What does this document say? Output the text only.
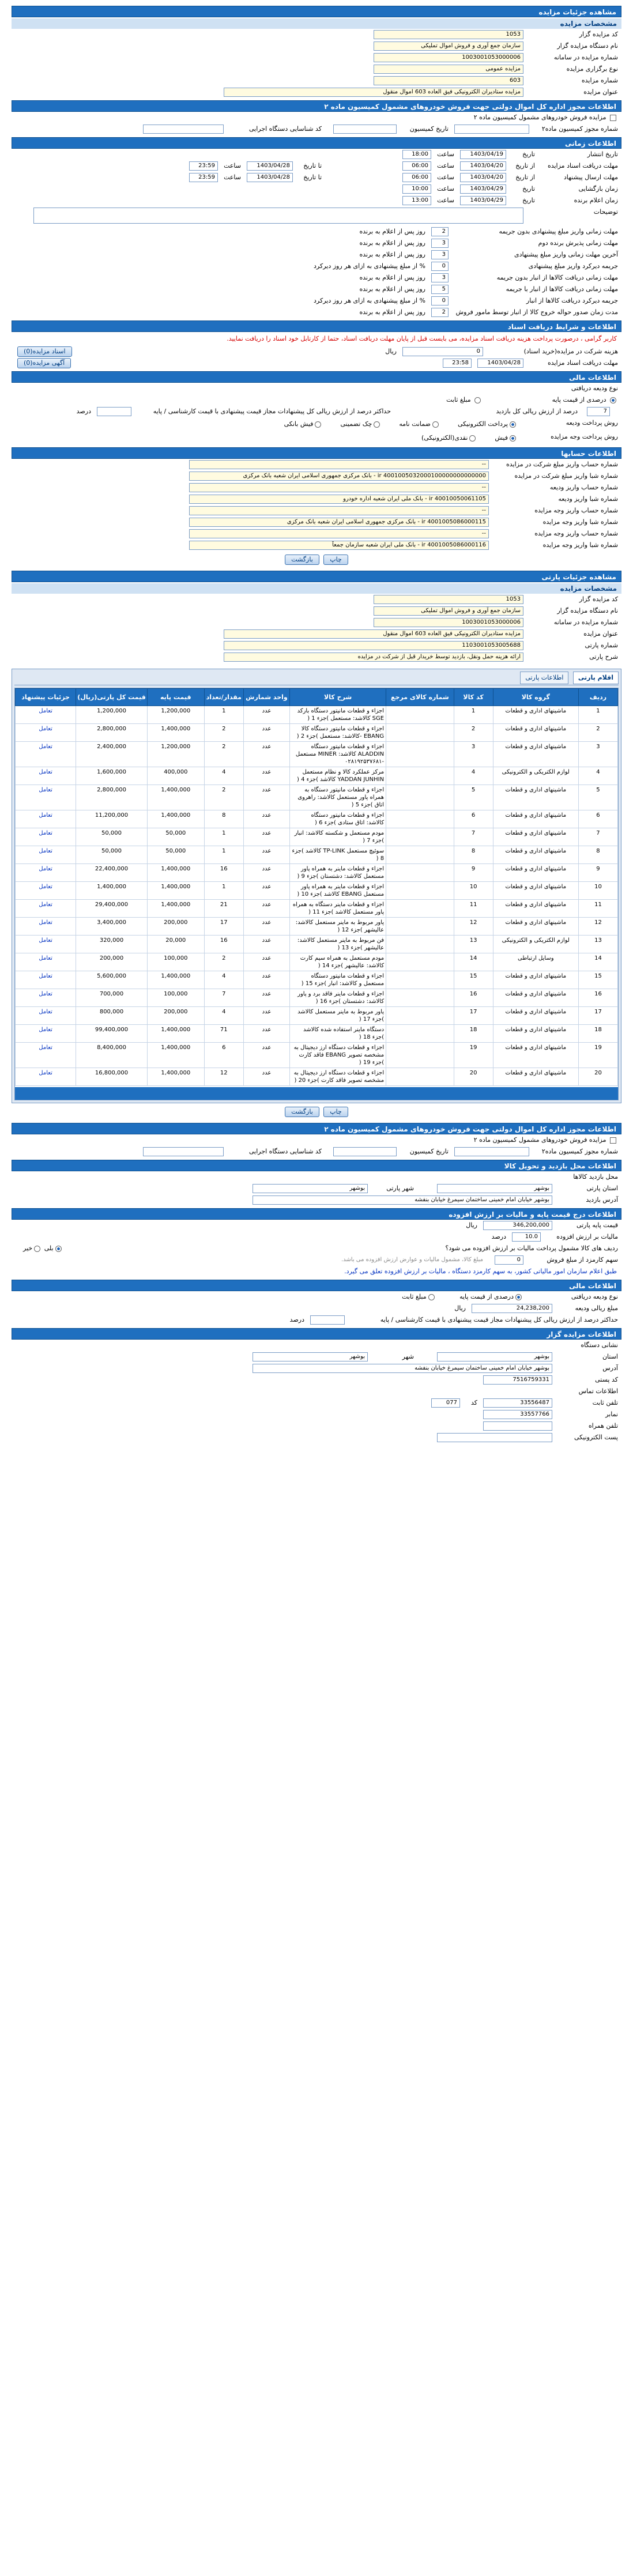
مشاهده جزئیات مزایده
مشخصات مزایده
کد مزایده گزار
1053
نام دستگاه مزایده گزار
سازمان جمع آوری و فروش اموال تملیکی
شماره مزایده در سامانه
1003001053000006
نوع برگزاری مزایده
مزایده عمومی
شماره مزایده
603
عنوان مزایده
مزایده ستادیران الکترونیکی فیق العاده 603 اموال منقول
اطلاعات مجوز اداره کل اموال دولتی جهت فروش خودروهای مشمول کمیسیون ماده ۲
مزایده فروش خودروهای مشمول کمیسیون ماده ۲
شماره مجوز کمیسیون ماده۲
تاریخ کمیسیون
کد شناسایی دستگاه اجرایی
اطلاعات زمانی
تاریخ انتشار
تاریخ
1403/04/19
ساعت
18:00
مهلت دریافت اسناد مزایده
از تاریخ
1403/04/20
ساعت
06:00
تا تاریخ
1403/04/28
ساعت
23:59
مهلت ارسال پیشنهاد
از تاریخ
1403/04/20
ساعت
06:00
تا تاریخ
1403/04/28
ساعت
23:59
زمان بازگشایی
تاریخ
1403/04/29
ساعت
10:00
زمان اعلام برنده
تاریخ
1403/04/29
ساعت
13:00
توضیحات
مهلت زمانی واریز مبلغ پیشنهادی بدون جریمه
2
روز پس از اعلام به برنده
مهلت زمانی پذیرش برنده دوم
3
روز پس از اعلام به برنده
آخرین مهلت زمانی واریز مبلغ پیشنهادی
3
روز پس از اعلام به برنده
جریمه دیرکرد واریز مبلغ پیشنهادی
0
% از مبلغ پیشنهادی به ازای هر روز دیرکرد
مهلت زمانی دریافت کالاها از انبار بدون جریمه
3
روز پس از اعلام به برنده
مهلت زمانی دریافت کالاها از انبار با جریمه
5
روز پس از اعلام به برنده
جریمه دیرکرد دریافت کالاها از انبار
0
% از مبلغ پیشنهادی به ازای هر روز دیرکرد
مدت زمان صدور حواله خروج کالا از انبار توسط مامور فروش
2
روز پس از اعلام به برنده
اطلاعات و شرایط دریافت اسناد
کاربر گرامی ، درصورت پرداخت هزینه دریافت اسناد مزایده، می بایست قبل از پایان مهلت دریافت اسناد، حتما از کارتابل خود اسناد را دریافت نمایید.
هزینه شرکت در مزایده(خرید اسناد)
0
ریال
اسناد مزایده(0)
مهلت دریافت اسناد مزایده
1403/04/28
23:58
آگهی مزایده(0)
اطلاعات مالی
نوع ودیعه دریافتی
درصدی از قیمت پایه  مبلغ ثابت
7
درصد از ارزش ریالی کل بازدید
حداکثر درصد از ارزش ریالی کل پیشنهادات مجاز قیمت پیشنهادی با قیمت کارشناسی / پایه
درصد
روش پرداخت ودیعه
پرداخت الکترونیکیضمانت نامهچک تضمینیفیش بانکی
روش پرداخت وجه مزایده
فیشنقدی(الکترونیکی)
اطلاعات حسابها
شماره حساب واریز مبلغ شرکت در مزایده
--
شماره شبا واریز مبلغ شرکت در مزایده
ir 4001005032000100000000000000 - بانک مرکزی جمهوری اسلامی ایران شعبه بانک مرکزی
شماره حساب واریز ودیعه
--
شماره شبا واریز ودیعه
ir 40010050061105 - بانک ملی ایران شعبه اداره خودرو
شماره حساب واریز وجه مزایده
--
شماره شبا واریز وجه مزایده
ir 4001005086000115 - بانک مرکزی جمهوری اسلامی ایران شعبه بانک مرکزی
شماره حساب واریز وجه مزایده
--
شماره شبا واریز وجه مزایده
ir 4001005086000116 - بانک ملی ایران شعبه سازمان جمعاً
چاپ بازگشت
مشاهده جزئیات پارتی
مشخصات مزایده
کد مزایده گزار
1053
نام دستگاه مزایده گزار
سازمان جمع آوری و فروش اموال تملیکی
شماره مزایده در سامانه
1003001053000006
عنوان مزایده
مزایده ستادیران الکترونیکی فیق العاده 603 اموال منقول
شماره پارتی
1103001053005688
شرح پارتی
ارائه هزینه حمل ونقل، بازدید توسط خریدار قبل از شرکت در مزایده
اقلام پارتی اطلاعات پارتی
ردیف	گروه کالا	کد کالا	شماره کالای مرجع	شرح کالا	واحد شمارش	مقدار/تعداد	قیمت پایه	قیمت کل پارتی(ریال)	جزئیات پیشنهاد
1	ماشینهای اداری و قطعات	1		اجزاء و قطعات مانیتور دستگاه بارکد SGE کالاشد: مستعمل )جزء 1 (	عدد	1	1,200,000	1,200,000	تعامل
2	ماشینهای اداری و قطعات	2		اجزاء و قطعات مانیتور دستگاه کالا EBANG -کالاشد: مستعمل )جزء 2 (	عدد	2	1,400,000	2,800,000	تعامل
3	ماشینهای اداری و قطعات	3		اجزاء و قطعات مانیتور دستگاه ALADDIN کالاشد: MINER مستعمل -۰۲۸۱۹۲۵۳۷۶۸۱	عدد	2	1,200,000	2,400,000	تعامل
4	لوازم الکتریکی و الکترونیکی	4		مرکز عملکرد کالا و نظام مستعمل YADDAN JUNHIN کالاشد )جزء 4 (	عدد	4	400,000	1,600,000	تعامل
5	ماشینهای اداری و قطعات	5		اجزاء و قطعات مانیتور دستگاه به همراه پاور مستعمل کالاشد: راهروی اتاق )جزء 5 (	عدد	2	1,400,000	2,800,000	تعامل
6	ماشینهای اداری و قطعات	6		اجزاء و قطعات مانیتور دستگاه کالاشد: اتاق ستادی )جزء 6 (	عدد	8	1,400,000	11,200,000	تعامل
7	ماشینهای اداری و قطعات	7		مودم مستعمل و شکسته کالاشد: انبار )جزء 7 (	عدد	1	50,000	50,000	تعامل
8	ماشینهای اداری و قطعات	8		سوئیچ مستعمل TP-LINK کالاشد )جزء 8 (	عدد	1	50,000	50,000	تعامل
9	ماشینهای اداری و قطعات	9		اجزاء و قطعات ماینر به همراه پاور مستعمل کالاشد: دشتستان )جزء 9 (	عدد	16	1,400,000	22,400,000	تعامل
10	ماشینهای اداری و قطعات	10		اجزاء و قطعات ماینر به همراه پاور مستعمل EBANG کالاشد )جزء 10 (	عدد	1	1,400,000	1,400,000	تعامل
11	ماشینهای اداری و قطعات	11		اجزاء و قطعات ماینر دستگاه به همراه پاور مستعمل کالاشد )جزء 11 (	عدد	21	1,400,000	29,400,000	تعامل
12	ماشینهای اداری و قطعات	12		پاور مربوط به ماینر مستعمل کالاشد: عالیشهر )جزء 12 (	عدد	17	200,000	3,400,000	تعامل
13	لوازم الکتریکی و الکترونیکی	13		فن مربوط به ماینر مستعمل کالاشد: عالیشهر )جزء 13 (	عدد	16	20,000	320,000	تعامل
14	وسایل ارتباطی	14		مودم مستعمل به همراه سیم کارت کالاشد: عالیشهر )جزء 14 (	عدد	2	100,000	200,000	تعامل
15	ماشینهای اداری و قطعات	15		اجزاء و قطعات مانیتور دستگاه مستعمل و کالاشد: انبار )جزء 15 (	عدد	4	1,400,000	5,600,000	تعامل
16	ماشینهای اداری و قطعات	16		اجزاء و قطعات ماینر فاقد برد و پاور کالاشد: دشتستان )جزء 16 (	عدد	7	100,000	700,000	تعامل
17	ماشینهای اداری و قطعات	17		پاور مربوط به ماینر مستعمل کالاشد )جزء 17 (	عدد	4	200,000	800,000	تعامل
18	ماشینهای اداری و قطعات	18		دستگاه ماینر استفاده شده کالاشد )جزء 18 (	عدد	71	1,400,000	99,400,000	تعامل
19	ماشینهای اداری و قطعات	19		اجزاء و قطعات دستگاه ارز دیجیتال به مشخصه تصویر EBANG فاقد کارت )جزء 19 (	عدد	6	1,400,000	8,400,000	تعامل
20	ماشینهای اداری و قطعات	20		اجزاء و قطعات دستگاه ارز دیجیتال به مشخصه تصویر فاقد کارت )جزء 20 (	عدد	12	1,400,000	16,800,000	تعامل
چاپ بازگشت
اطلاعات مجوز اداره کل اموال دولتی جهت فروش خودروهای مشمول کمیسیون ماده ۲
مزایده فروش خودروهای مشمول کمیسیون ماده ۲
شماره مجوز کمیسیون ماده۲
تاریخ کمیسیون
کد شناسایی دستگاه اجرایی
اطلاعات محل بازدید و تحویل کالا
محل بازدید کالاها
استان پارتی
بوشهر
شهر پارتی
بوشهر
آدرس بازدید
بوشهر خیابان امام خمینی ساختمان سیمرغ خیابان بنفشه
اطلاعات درج قیمت پایه و مالیات بر ارزش افزوده
قیمت پایه پارتی
346,200,000
ریال
مالیات بر ارزش افزوده
10.0
درصد
ردیف های کالا مشمول پرداخت مالیات بر ارزش افزوده می شود؟
بلی خیر
سهم کارمزد از مبلغ فروش
0
مبلغ کالا، مشمول مالیات و عوارض ارزش افزوده می باشد.
طبق اعلام سازمان امور مالیاتی کشور، به سهم کارمزد دستگاه ، مالیات بر ارزش افزوده تعلق می گیرد.
اطلاعات مالی
نوع ودیعه دریافتی
درصدی از قیمت پایه مبلغ ثابت
مبلغ ریالی ودیعه
24,238,200
ریال
حداکثر درصد از ارزش ریالی کل پیشنهادات مجاز قیمت پیشنهادی با قیمت کارشناسی / پایه
درصد
اطلاعات مزایده گزار
نشانی دستگاه
استان
بوشهر
شهر
بوشهر
آدرس
بوشهر خیابان امام خمینی ساختمان سیمرغ خیابان بنفشه
کد پستی
7516759331
اطلاعات تماس
تلفن ثابت
33556487
کد
077
نمابر
33557766
تلفن همراه
پست الکترونیکی
